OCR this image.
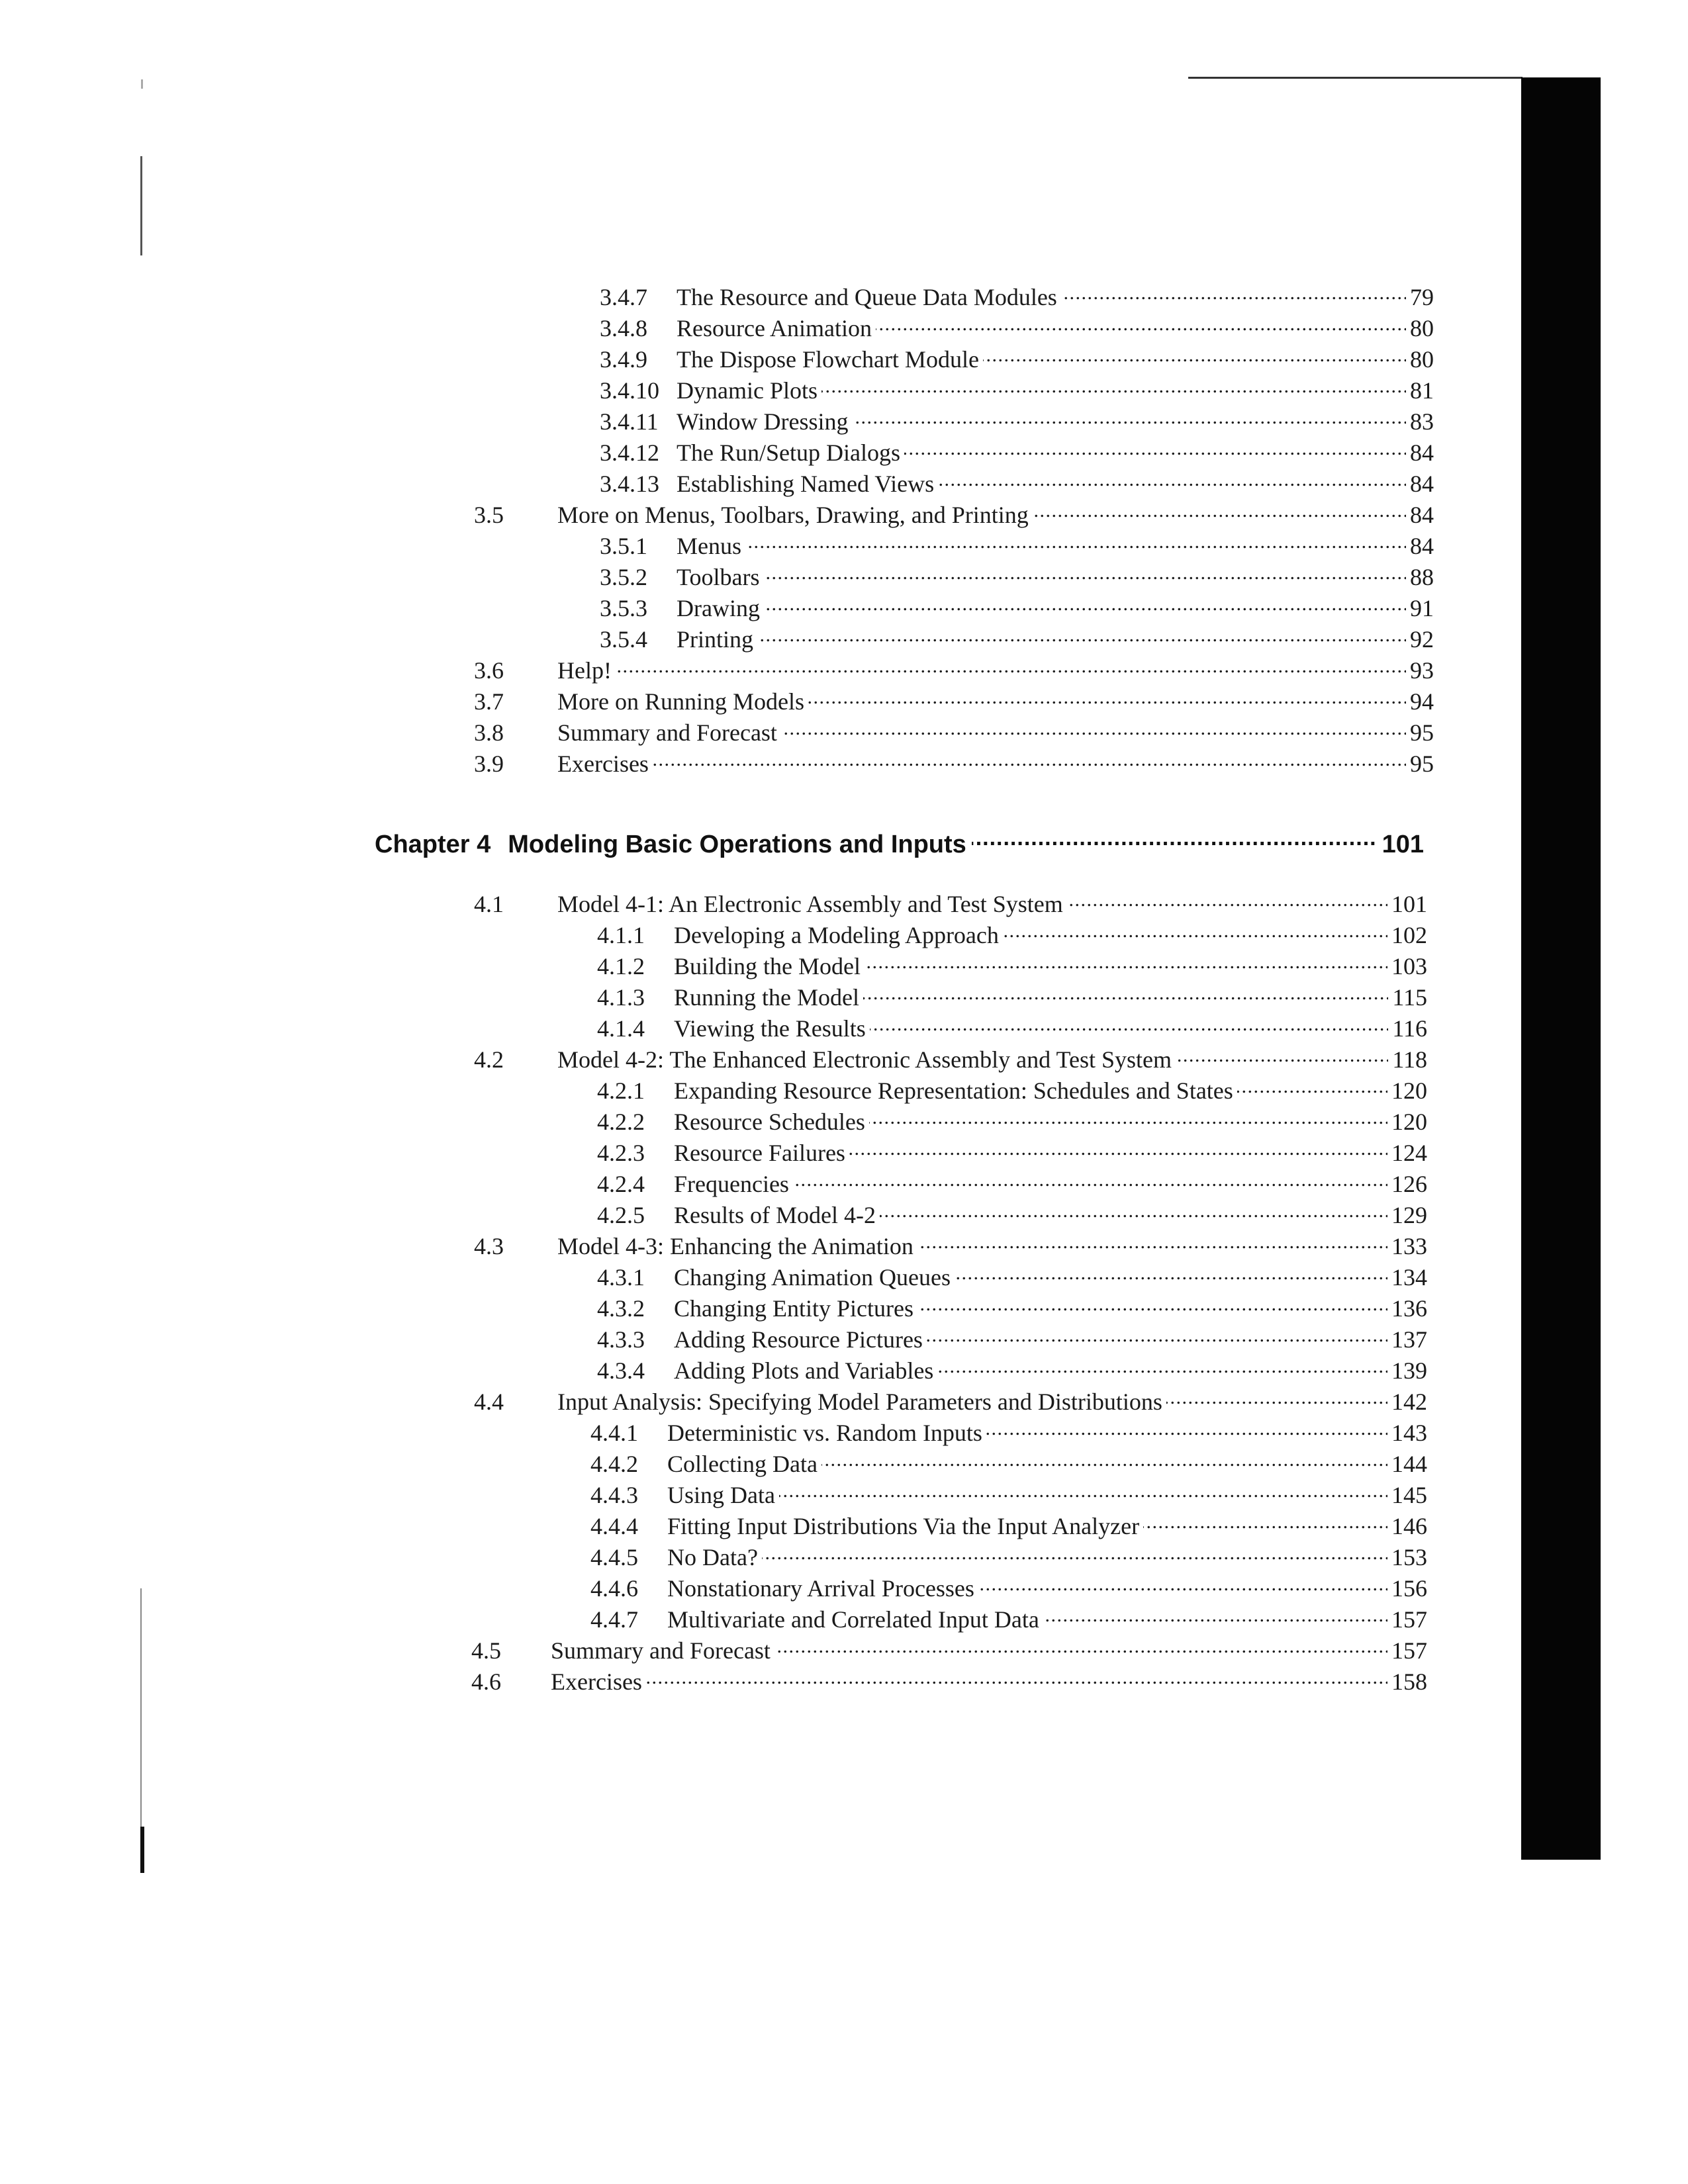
3.4.7	The Resource and Queue Data Modules . . .	79
3.4.8	Resource Animation . . .	80
3.4.9	The Dispose Flowchart Module . . .	80
3.4.10 Dynamic Plots . . .	81
3.4.11 Window Dressing . . .	83
3.4.12 The Run/Setup Dialogs . . .	84
3.4.13 Establishing Named Views . . .	84
3.5	More on Menus, Toolbars, Drawing, and Printing . . .	84
3.5.1	Menus . . .	84
3.5.2	Toolbars . . .	88
3.5.3	Drawing . . .	91
3.5.4	Printing . . .	92
3.6	Help! . . .	93
3.7	More on Running Models . . .	94
3.8	Summary and Forecast . . .	95
3.9	Exercises . . .	95
Chapter 4 Modeling Basic Operations and Inputs .....	101
4.1	Model 4-1: An Electronic Assembly and Test System . . .	101
4.1.1	Developing a Modeling Approach . . .	102
4.1.2	Building the Model . . .	103
4.1.3	Running the Model . . .	115
4.1.4	Viewing the Results . . .	116
4.2	Model 4-2: The Enhanced Electronic Assembly and Test System . . .	118
4.2.1	Expanding Resource Representation: Schedules and States . . .	120
4.2.2	Resource Schedules . . .	120
4.2.3	Resource Failures . . .	124
4.2.4	Frequencies . . .	126
4.2.5	Results of Model 4-2 . . .	129
4.3	Model 4-3: Enhancing the Animation . . .	133
4.3.1	Changing Animation Queues . . .	134
4.3.2	Changing Entity Pictures . . .	136
4.3.3	Adding Resource Pictures . . .	137
4.3.4	Adding Plots and Variables . . .	139
4.4	Input Analysis: Specifying Model Parameters and Distributions . . .	142
4.4.1	Deterministic vs. Random Inputs . . .	143
4.4.2	Collecting Data . . .	144
4.4.3	Using Data . . .	145
4.4.4	Fitting Input Distributions Via the Input Analyzer . . .	146
4.4.5	No Data? . . .	153
4.4.6	Nonstationary Arrival Processes . . .	156
4.4.7	Multivariate and Correlated Input Data . . .	157
4.5	Summary and Forecast . . .	157
4.6	Exercises . . .	158
